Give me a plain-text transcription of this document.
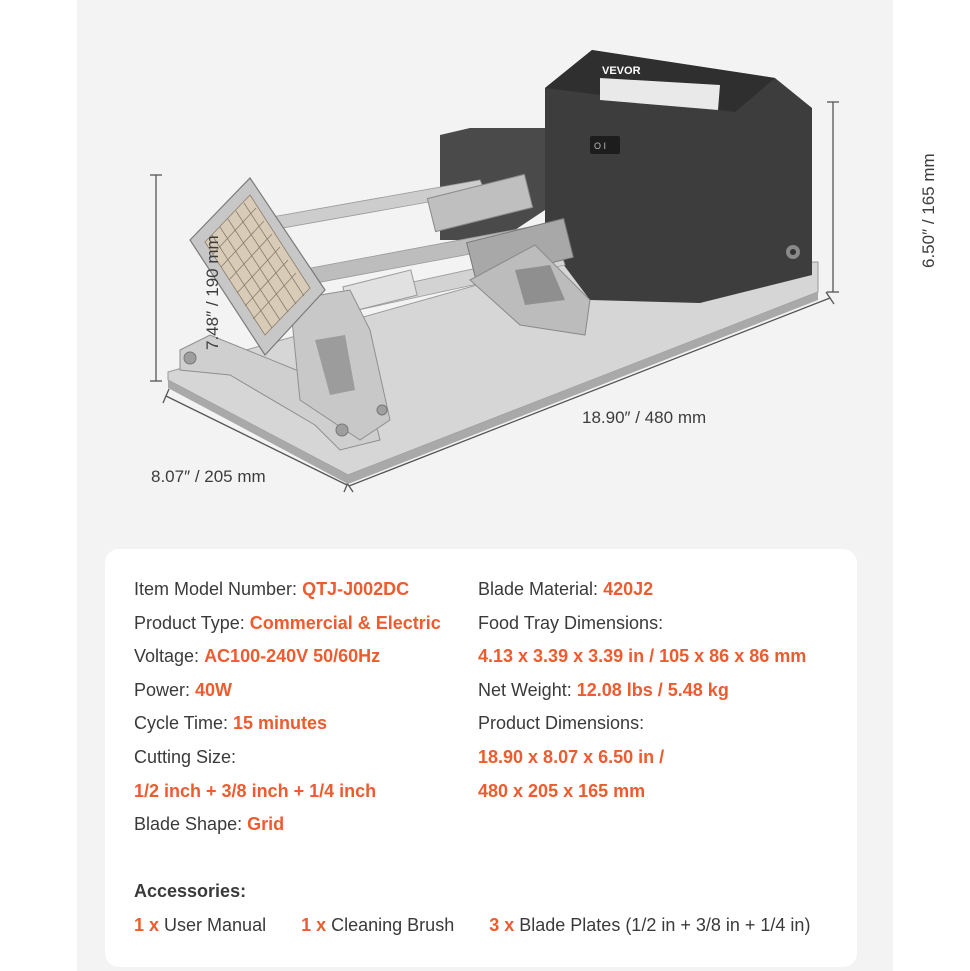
VEVOR
O I
7.48″ / 190 mm
6.50″ / 165 mm
18.90″ / 480 mm
8.07″ / 205 mm
Item Model Number: QTJ-J002DC
Product Type: Commercial & Electric
Voltage: AC100-240V 50/60Hz
Power: 40W
Cycle Time: 15 minutes
Cutting Size:
1/2 inch + 3/8 inch + 1/4 inch
Blade Shape: Grid
Blade Material: 420J2
Food Tray Dimensions:
4.13 x 3.39 x 3.39 in / 105 x 86 x 86 mm
Net Weight: 12.08 lbs / 5.48 kg
Product Dimensions:
18.90 x 8.07 x 6.50 in /
480 x 205 x 165 mm
Accessories:
1 x User Manual 1 x Cleaning Brush 3 x Blade Plates (1/2 in + 3/8 in + 1/4 in)
